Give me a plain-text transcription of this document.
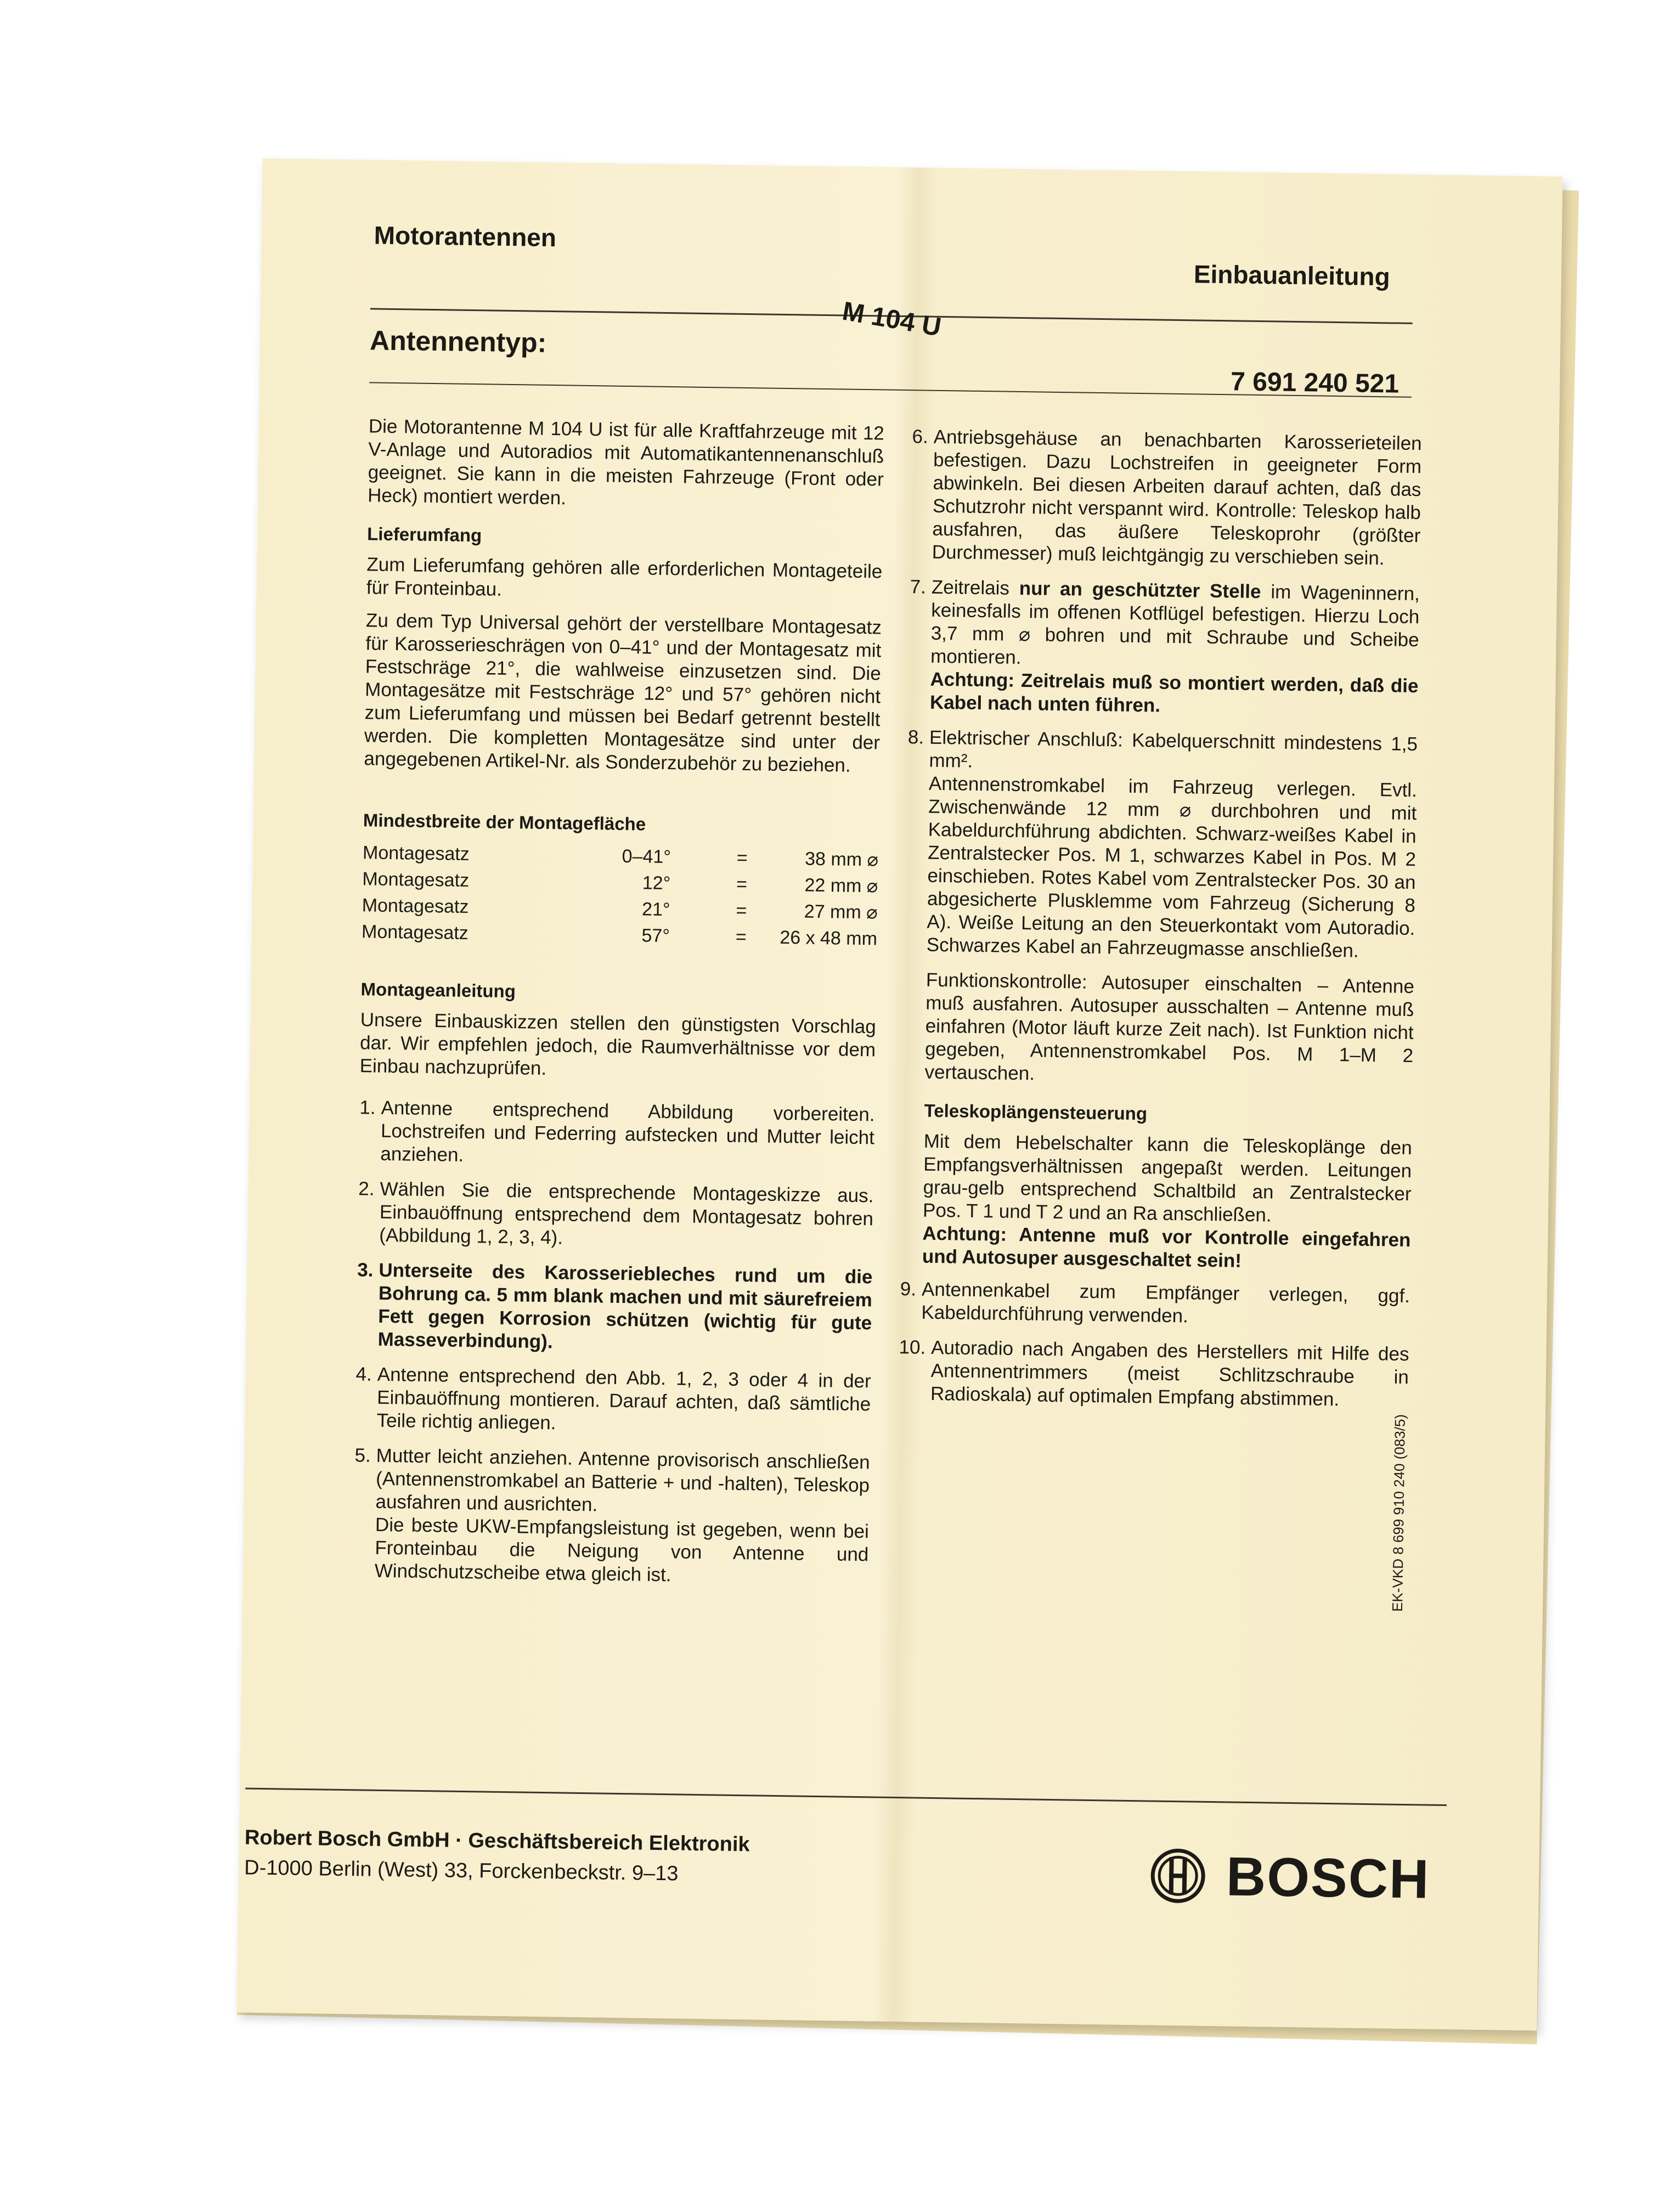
Motorantennen
Einbauanleitung
Antennentyp:	M 104 U
7 691 240 521

Die Motorantenne M 104 U ist für alle Kraftfahrzeuge mit 12 V-Anlage und Autoradios mit Automatikantennenanschluß geeignet. Sie kann in die meisten Fahrzeuge (Front oder Heck) montiert werden.

Lieferumfang

Zum Lieferumfang gehören alle erforderlichen Montageteile für Fronteinbau.

Zu dem Typ Universal gehört der verstellbare Montagesatz für Karosserieschrägen von 0–41° und der Montagesatz mit Festschräge 21°, die wahlweise einzusetzen sind. Die Montagesätze mit Festschräge 12° und 57° gehören nicht zum Lieferumfang und müssen bei Bedarf getrennt bestellt werden. Die kompletten Montagesätze sind unter der angegebenen Artikel-Nr. als Sonderzubehör zu beziehen.

Mindestbreite der Montagefläche
Montagesatz	0–41°	=	38 mm ⌀
Montagesatz	12°	=	22 mm ⌀
Montagesatz	21°	=	27 mm ⌀
Montagesatz	57°	=	26 x 48 mm
Montageanleitung

Unsere Einbauskizzen stellen den günstigsten Vorschlag dar. Wir empfehlen jedoch, die Raumverhältnisse vor dem Einbau nachzuprüfen.

1. Antenne entsprechend Abbildung vorbereiten. Lochstreifen und Federring aufstecken und Mutter leicht anziehen.
2. Wählen Sie die entsprechende Montageskizze aus. Einbauöffnung entsprechend dem Montagesatz bohren (Abbildung 1, 2, 3, 4).
3. Unterseite des Karosseriebleches rund um die Bohrung ca. 5 mm blank machen und mit säurefreiem Fett gegen Korrosion schützen (wichtig für gute Masseverbindung).
4. Antenne entsprechend den Abb. 1, 2, 3 oder 4 in der Einbauöffnung montieren. Darauf achten, daß sämtliche Teile richtig anliegen.
5. Mutter leicht anziehen. Antenne provisorisch anschließen (Antennenstromkabel an Batterie + und -halten), Teleskop ausfahren und ausrichten.
Die beste UKW-Empfangsleistung ist gegeben, wenn bei Fronteinbau die Neigung von Antenne und Windschutzscheibe etwa gleich ist.
6. Antriebsgehäuse an benachbarten Karosserieteilen befestigen. Dazu Lochstreifen in geeigneter Form abwinkeln. Bei diesen Arbeiten darauf achten, daß das Schutzrohr nicht verspannt wird. Kontrolle: Teleskop halb ausfahren, das äußere Teleskoprohr (größter Durchmesser) muß leichtgängig zu verschieben sein.
7. Zeitrelais nur an geschützter Stelle im Wageninnern, keinesfalls im offenen Kotflügel befestigen. Hierzu Loch 3,7 mm ⌀ bohren und mit Schraube und Scheibe montieren.
Achtung: Zeitrelais muß so montiert werden, daß die Kabel nach unten führen.
8. Elektrischer Anschluß: Kabelquerschnitt mindestens 1,5 mm².
Antennenstromkabel im Fahrzeug verlegen. Evtl. Zwischenwände 12 mm ⌀ durchbohren und mit Kabeldurchführung abdichten. Schwarz-weißes Kabel in Zentralstecker Pos. M 1, schwarzes Kabel in Pos. M 2 einschieben. Rotes Kabel vom Zentralstecker Pos. 30 an abgesicherte Plusklemme vom Fahrzeug (Sicherung 8 A). Weiße Leitung an den Steuerkontakt vom Autoradio. Schwarzes Kabel an Fahrzeugmasse anschließen.

Funktionskontrolle: Autosuper einschalten – Antenne muß ausfahren. Autosuper ausschalten – Antenne muß einfahren (Motor läuft kurze Zeit nach). Ist Funktion nicht gegeben, Antennenstromkabel Pos. M 1–M 2 vertauschen.

Teleskoplängensteuerung

Mit dem Hebelschalter kann die Teleskoplänge den Empfangsverhältnissen angepaßt werden. Leitungen grau-gelb entsprechend Schaltbild an Zentralstecker Pos. T 1 und T 2 und an Ra anschließen.

Achtung: Antenne muß vor Kontrolle eingefahren und Autosuper ausgeschaltet sein!

9. Antennenkabel zum Empfänger verlegen, ggf. Kabeldurchführung verwenden.
10. Autoradio nach Angaben des Herstellers mit Hilfe des Antennentrimmers (meist Schlitzschraube in Radioskala) auf optimalen Empfang abstimmen.
EK-VKD 8 699 910 240 (083/5)
Robert Bosch GmbH · Geschäftsbereich Elektronik
D-1000 Berlin (West) 33, Forckenbeckstr. 9–13	BOSCH
